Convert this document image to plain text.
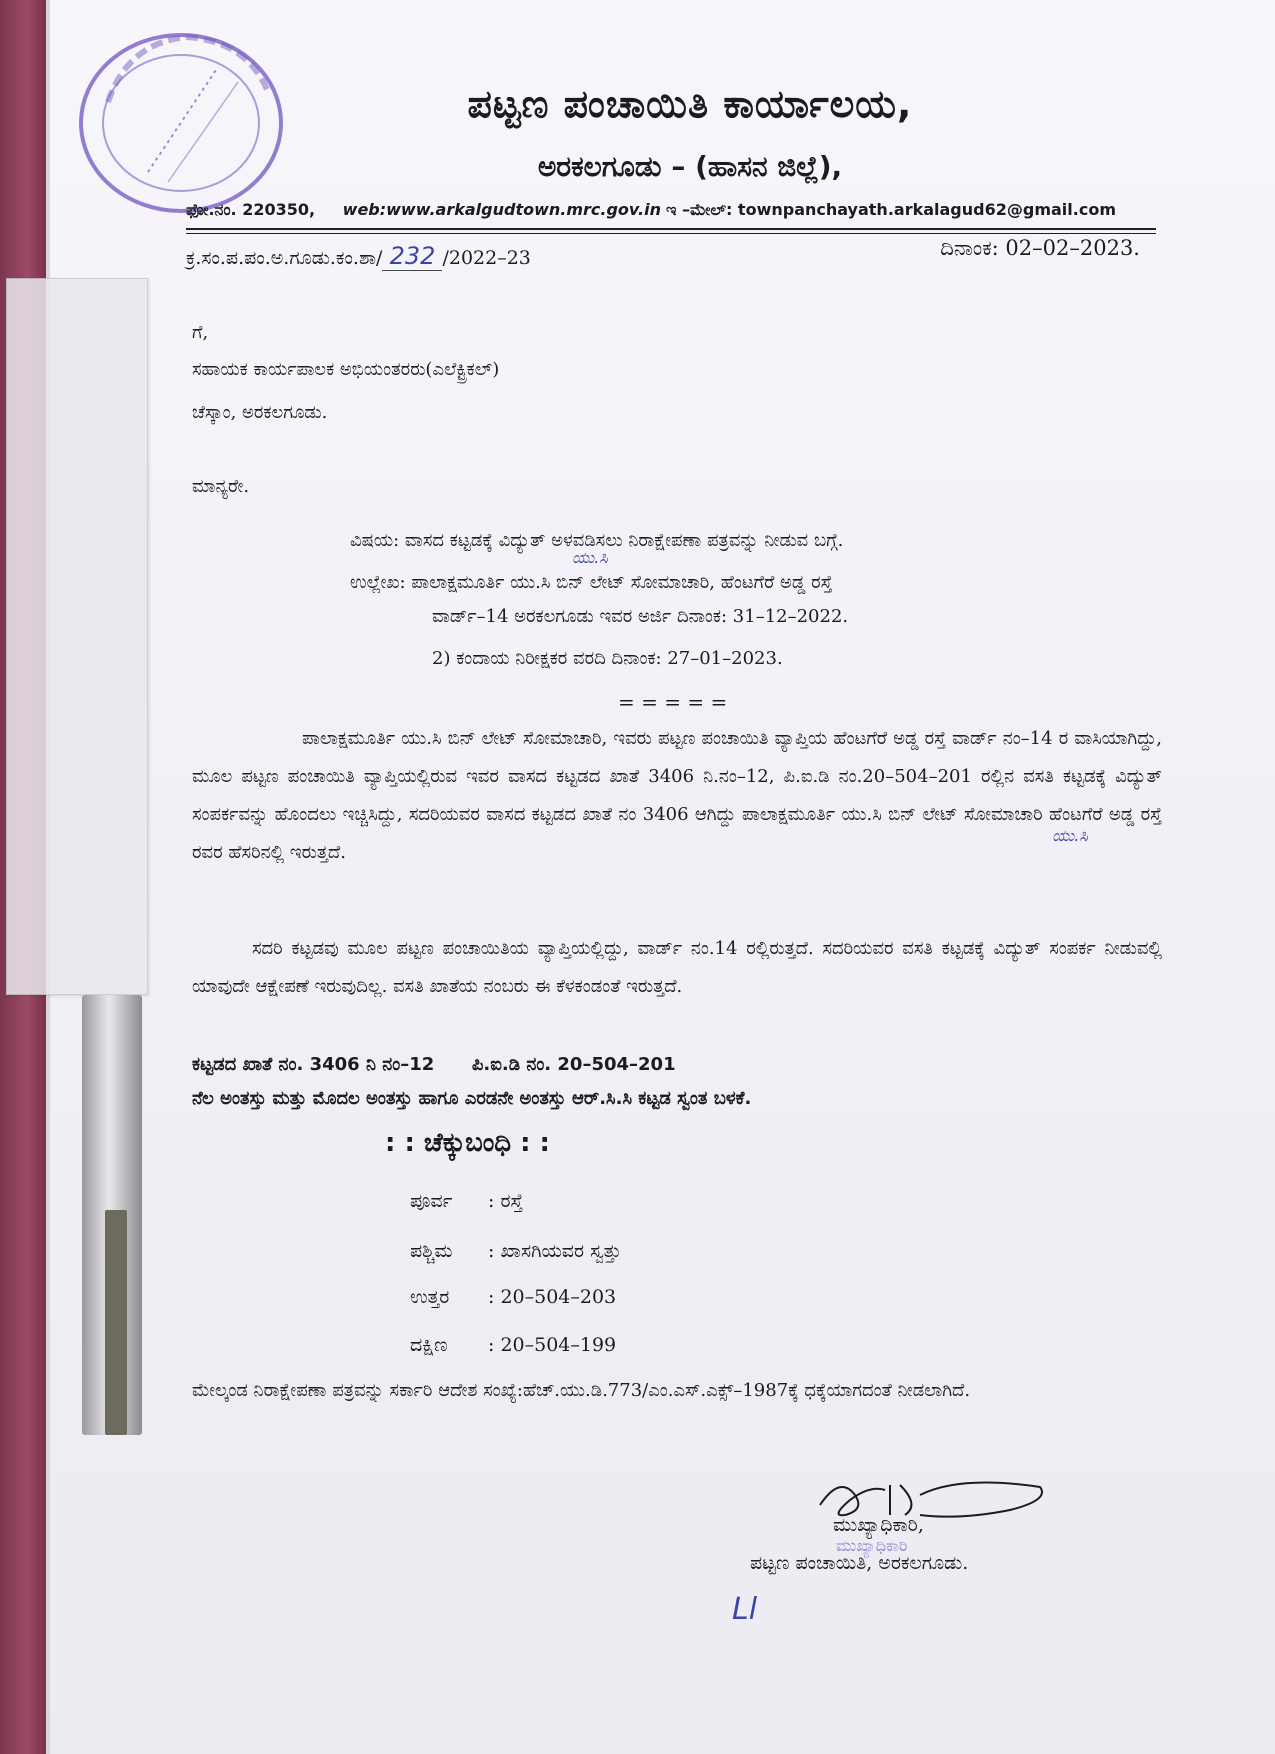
ಪಟ್ಟಣ ಪಂಚಾಯಿತಿ ಕಾರ್ಯಾಲಯ,
ಅರಕಲಗೂಡು – (ಹಾಸನ ಜಿಲ್ಲೆ),
ಫೋ.ನಂ. 220350, web:www.arkalgudtown.mrc.gov.in ಇ –ಮೇಲ್: townpanchayath.arkalagud62@gmail.com
ಕ್ರ.ಸಂ.ಪ.ಪಂ.ಅ.ಗೂಡು.ಕಂ.ಶಾ/ 232 /2022–23	ದಿನಾಂಕ: 02–02–2023.
ಗೆ,
ಸಹಾಯಕ ಕಾರ್ಯಪಾಲಕ ಅಭಿಯಂತರರು(ಎಲೆಕ್ಟ್ರಿಕಲ್)
ಚೆಸ್ಕಾಂ, ಅರಕಲಗೂಡು.
ಮಾನ್ಯರೇ.
ವಿಷಯ: ವಾಸದ ಕಟ್ಟಡಕ್ಕೆ ವಿದ್ಯುತ್ ಅಳವಡಿಸಲು ನಿರಾಕ್ಷೇಪಣಾ ಪತ್ರವನ್ನು ನೀಡುವ ಬಗ್ಗೆ.
ಉಲ್ಲೇಖ: ಪಾಲಾಕ್ಷಮೂರ್ತಿ ಯು.ಸಿ ಬಿನ್ ಲೇಟ್ ಸೋಮಾಚಾರಿ, ಹೆಂಟಗೆರೆ ಅಡ್ಡ ರಸ್ತೆ
ವಾರ್ಡ್–14 ಅರಕಲಗೂಡು ಇವರ ಅರ್ಜಿ ದಿನಾಂಕ: 31–12–2022.
2) ಕಂದಾಯ ನಿರೀಕ್ಷಕರ ವರದಿ ದಿನಾಂಕ: 27–01–2023.
= = = = =
ಯು.ಸಿ
ಯು.ಸಿ
ಪಾಲಾಕ್ಷಮೂರ್ತಿ ಯು.ಸಿ ಬಿನ್ ಲೇಟ್ ಸೋಮಾಚಾರಿ, ಇವರು ಪಟ್ಟಣ ಪಂಚಾಯಿತಿ ವ್ಯಾಪ್ತಿಯ ಹೆಂಟಗೆರೆ ಅಡ್ಡ ರಸ್ತೆ ವಾರ್ಡ್ ನಂ–14 ರ ವಾಸಿಯಾಗಿದ್ದು, ಮೂಲ ಪಟ್ಟಣ ಪಂಚಾಯಿತಿ ವ್ಯಾಪ್ತಿಯಲ್ಲಿರುವ ಇವರ ವಾಸದ ಕಟ್ಟಡದ ಖಾತೆ 3406 ನಿ.ನಂ–12, ಪಿ.ಐ.ಡಿ ನಂ.20–504–201 ರಲ್ಲಿನ ವಸತಿ ಕಟ್ಟಡಕ್ಕೆ ವಿದ್ಯುತ್ ಸಂಪರ್ಕವನ್ನು ಹೊಂದಲು ಇಚ್ಚಿಸಿದ್ದು, ಸದರಿಯವರ ವಾಸದ ಕಟ್ಟಡದ ಖಾತೆ ನಂ 3406 ಆಗಿದ್ದು ಪಾಲಾಕ್ಷಮೂರ್ತಿ ಯು.ಸಿ ಬಿನ್ ಲೇಟ್ ಸೋಮಾಚಾರಿ ಹೆಂಟಗೆರೆ ಅಡ್ಡ ರಸ್ತೆ ರವರ ಹೆಸರಿನಲ್ಲಿ ಇರುತ್ತದೆ.
ಸದರಿ ಕಟ್ಟಡವು ಮೂಲ ಪಟ್ಟಣ ಪಂಚಾಯಿತಿಯ ವ್ಯಾಪ್ತಿಯಲ್ಲಿದ್ದು, ವಾರ್ಡ್ ನಂ.14 ರಲ್ಲಿರುತ್ತದೆ. ಸದರಿಯವರ ವಸತಿ ಕಟ್ಟಡಕ್ಕೆ ವಿದ್ಯುತ್ ಸಂಪರ್ಕ ನೀಡುವಲ್ಲಿ ಯಾವುದೇ ಆಕ್ಷೇಪಣೆ ಇರುವುದಿಲ್ಲ. ವಸತಿ ಖಾತೆಯ ನಂಬರು ಈ ಕೆಳಕಂಡಂತೆ ಇರುತ್ತದೆ.
ಕಟ್ಟಡದ ಖಾತೆ ನಂ. 3406 ನಿ ನಂ–12      ಪಿ.ಐ.ಡಿ ನಂ. 20–504–201
ನೆಲ ಅಂತಸ್ತು ಮತ್ತು ಮೊದಲ ಅಂತಸ್ತು ಹಾಗೂ ಎರಡನೇ ಅಂತಸ್ತು ಆರ್.ಸಿ.ಸಿ ಕಟ್ಟಡ ಸ್ವಂತ ಬಳಕೆ.
: : ಚೆಕ್ಕುಬಂಧಿ : :
ಪೂರ್ವ : ರಸ್ತೆ
ಪಶ್ಚಿಮ : ಖಾಸಗಿಯವರ ಸ್ವತ್ತು
ಉತ್ತರ : 20–504–203
ದಕ್ಷಿಣ : 20–504–199
ಮೇಲ್ಕಂಡ ನಿರಾಕ್ಷೇಪಣಾ ಪತ್ರವನ್ನು ಸರ್ಕಾರಿ ಆದೇಶ ಸಂಖ್ಯೆ:ಹೆಚ್.ಯು.ಡಿ.773/ಎಂ.ಎಸ್.ಎಕ್ಸ್–1987ಕ್ಕೆ ಧಕ್ಕೆಯಾಗದಂತೆ ನೀಡಲಾಗಿದೆ.
ಮುಖ್ಯಾಧಿಕಾರಿ,
ಮುಖ್ಯಾಧಿಕಾರಿ
ಪಟ್ಟಣ ಪಂಚಾಯಿತಿ, ಅರಕಲಗೂಡು.
Ll
